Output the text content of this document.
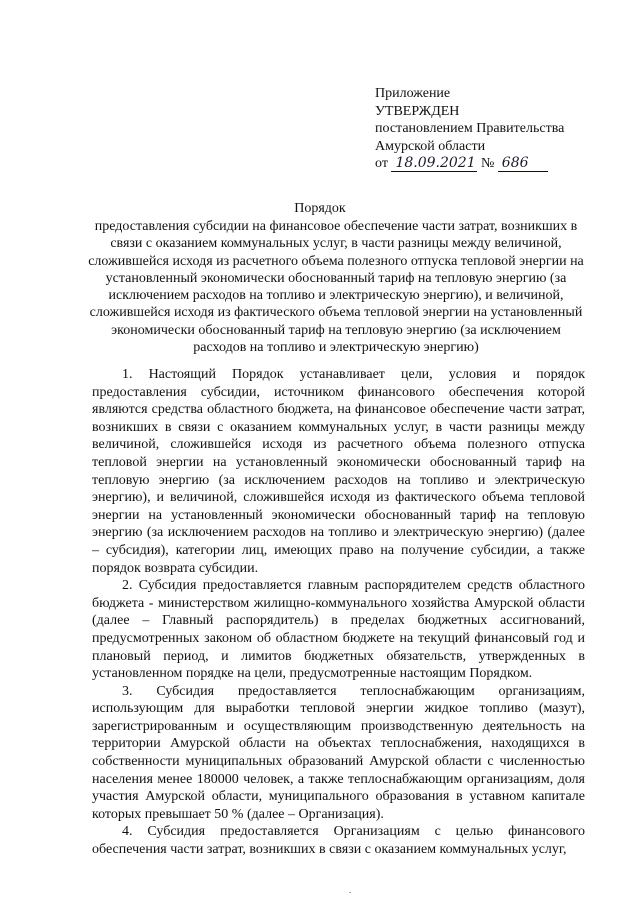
Приложение
УТВЕРЖДЕН
постановлением Правительства
Амурской области
от 18.09.2021 № 686
Порядок
предоставления субсидии на финансовое обеспечение части затрат, возникших в связи с оказанием коммунальных услуг, в части разницы между величиной, сложившейся исходя из расчетного объема полезного отпуска тепловой энергии на установленный экономически обоснованный тариф на тепловую энергию (за исключением расходов на топливо и электрическую энергию), и величиной, сложившейся исходя из фактического объема тепловой энергии на установленный экономически обоснованный тариф на тепловую энергию (за исключением расходов на топливо и электрическую энергию)

1. Настоящий Порядок устанавливает цели, условия и порядок предоставления субсидии, источником финансового обеспечения которой являются средства областного бюджета, на финансовое обеспечение части затрат, возникших в связи с оказанием коммунальных услуг, в части разницы между величиной, сложившейся исходя из расчетного объема полезного отпуска тепловой энергии на установленный экономически обоснованный тариф на тепловую энергию (за исключением расходов на топливо и электрическую энергию), и величиной, сложившейся исходя из фактического объема тепловой энергии на установленный экономически обоснованный тариф на тепловую энергию (за исключением расходов на топливо и электрическую энергию) (далее – субсидия), категории лиц, имеющих право на получение субсидии, а также порядок возврата субсидии.

2. Субсидия предоставляется главным распорядителем средств областного бюджета - министерством жилищно-коммунального хозяйства Амурской области (далее – Главный распорядитель) в пределах бюджетных ассигнований, предусмотренных законом об областном бюджете на текущий финансовый год и плановый период, и лимитов бюджетных обязательств, утвержденных в установленном порядке на цели, предусмотренные настоящим Порядком.

3. Субсидия предоставляется теплоснабжающим организациям, использующим для выработки тепловой энергии жидкое топливо (мазут), зарегистрированным и осуществляющим производственную деятельность на территории Амурской области на объектах теплоснабжения, находящихся в собственности муниципальных образований Амурской области с численностью населения менее 180000 человек, а также теплоснабжающим организациям, доля участия Амурской области, муниципального образования в уставном капитале которых превышает 50 % (далее – Организация).

4. Субсидия предоставляется Организациям с целью финансового обеспечения части затрат, возникших в связи с оказанием коммунальных услуг,

.
